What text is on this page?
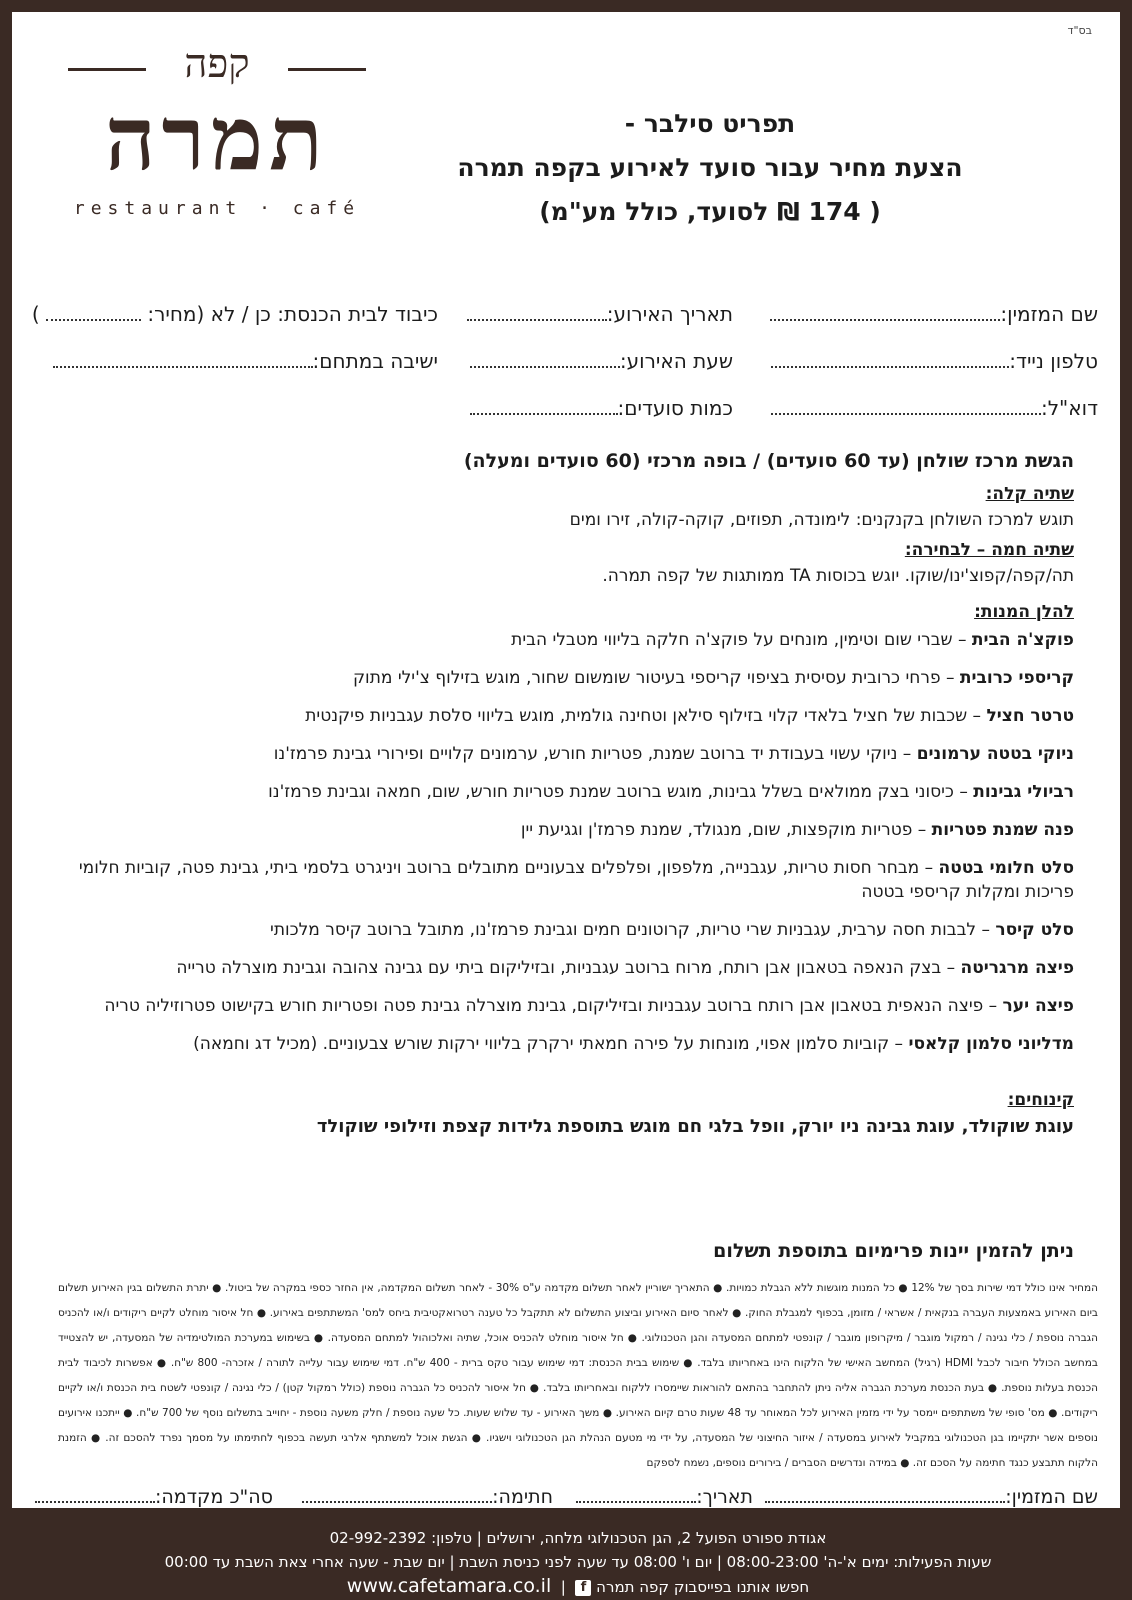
בס"ד
קפה
תמרה
restaurant · café
תפריט סילבר -
הצעת מחיר עבור סועד לאירוע בקפה תמרה
( 174 ₪ לסועד, כולל מע"מ)
שם המזמין:
תאריך האירוע:
כיבוד לבית הכנסת: כן / לא (מחיר:  )
טלפון נייד:
שעת האירוע:
ישיבה במתחם:
דוא"ל:
כמות סועדים:
הגשת מרכז שולחן (עד 60 סועדים) / בופה מרכזי (60 סועדים ומעלה)
שתיה קלה:
תוגש למרכז השולחן בקנקנים: לימונדה, תפוזים, קוקה-קולה, זירו ומים
שתיה חמה – לבחירה:
תה/קפה/קפוצ'ינו/שוקו. יוגש בכוסות TA ממותגות של קפה תמרה.
להלן המנות:
פוקצ'ה הבית – שברי שום וטימין, מונחים על פוקצ'ה חלקה בליווי מטבלי הבית
קריספי כרובית – פרחי כרובית עסיסית בציפוי קריספי בעיטור שומשום שחור, מוגש בזילוף צ'ילי מתוק
טרטר חציל – שכבות של חציל בלאדי קלוי בזילוף סילאן וטחינה גולמית, מוגש בליווי סלסת עגבניות פיקנטית
ניוקי בטטה ערמונים – ניוקי עשוי בעבודת יד ברוטב שמנת, פטריות חורש, ערמונים קלויים ופירורי גבינת פרמז'נו
רביולי גבינות – כיסוני בצק ממולאים בשלל גבינות, מוגש ברוטב שמנת פטריות חורש, שום, חמאה וגבינת פרמז'נו
פנה שמנת פטריות – פטריות מוקפצות, שום, מנגולד, שמנת פרמז'ן וגגיעת יין
סלט חלומי בטטה – מבחר חסות טריות, עגבנייה, מלפפון, ופלפלים צבעוניים מתובלים ברוטב ויניגרט בלסמי ביתי, גבינת פטה, קוביות חלומי פריכות ומקלות קריספי בטטה
סלט קיסר – לבבות חסה ערבית, עגבניות שרי טריות, קרוטונים חמים וגבינת פרמז'נו, מתובל ברוטב קיסר מלכותי
פיצה מרגריטה – בצק הנאפה בטאבון אבן רותח, מרוח ברוטב עגבניות, ובזיליקום ביתי עם גבינה צהובה וגבינת מוצרלה טרייה
פיצה יער – פיצה הנאפית בטאבון אבן רותח ברוטב עגבניות ובזיליקום, גבינת מוצרלה גבינת פטה ופטריות חורש בקישוט פטרוזיליה טריה
מדליוני סלמון קלאסי – קוביות סלמון אפוי, מונחות על פירה חמאתי ירקרק בליווי ירקות שורש צבעוניים. (מכיל דג וחמאה)
קינוחים:
עוגת שוקולד, עוגת גבינה ניו יורק, וופל בלגי חם מוגש בתוספת גלידות קצפת וזילופי שוקולד
ניתן להזמין יינות פרימיום בתוספת תשלום
המחיר אינו כולל דמי שירות בסך של 12% ● כל המנות מוגשות ללא הגבלת כמויות. ● התאריך ישוריין לאחר תשלום מקדמה ע"ס 30% - לאחר תשלום המקדמה, אין החזר כספי במקרה של ביטול. ● יתרת התשלום בגין האירוע תשלום ביום האירוע באמצעות העברה בנקאית / אשראי / מזומן, בכפוף למגבלת החוק. ● לאחר סיום האירוע וביצוע התשלום לא תתקבל כל טענה רטרואקטיבית ביחס למס' המשתתפים באירוע. ● חל איסור מוחלט לקיים ריקודים ו/או להכניס הגברה נוספת / כלי נגינה / רמקול מוגבר / מיקרופון מוגבר / קונפטי למתחם המסעדה והגן הטכנולוגי. ● חל איסור מוחלט להכניס אוכל, שתיה ואלכוהול למתחם המסעדה. ● בשימוש במערכת המולטימדיה של המסעדה, יש להצטייד במחשב הכולל חיבור לכבל HDMI (רגיל) המחשב האישי של הלקוח הינו באחריותו בלבד. ● שימוש בבית הכנסת: דמי שימוש עבור טקס ברית - 400 ש"ח. דמי שימוש עבור עלייה לתורה / אזכרה- 800 ש"ח. ● אפשרות לכיבוד לבית הכנסת בעלות נוספת. ● בעת הכנסת מערכת הגברה אליה ניתן להתחבר בהתאם להוראות שיימסרו ללקוח ובאחריותו בלבד. ● חל איסור להכניס כל הגברה נוספת (כולל רמקול קטן) / כלי נגינה / קונפטי לשטח בית הכנסת ו/או לקיים ריקודים. ● מס' סופי של משתתפים יימסר על ידי מזמין האירוע לכל המאוחר עד 48 שעות טרם קיום האירוע. ● משך האירוע - עד שלוש שעות. כל שעה נוספת / חלק משעה נוספת - יחוייב בתשלום נוסף של 700 ש"ח. ● ייתכנו אירועים נוספים אשר יתקיימו בגן הטכנולוגי במקביל לאירוע במסעדה / איזור החיצוני של המסעדה, על ידי מי מטעם הנהלת הגן הטכנולוגי וישגיו. ● הגשת אוכל למשתתף אלרגי תעשה בכפוף לחתימתו על מסמך נפרד להסכם זה. ● הזמנת הלקוח תתבצע כנגד חתימה על הסכם זה. ● במידה ונדרשים הסברים / בירורים נוספים, נשמח לספקם
שם המזמין:
תאריך:
חתימה:
סה"כ מקדמה:
אגודת ספורט הפועל 2, הגן הטכנולוגי מלחה, ירושלים | טלפון: 02-992-2392
שעות הפעילות: ימים א'-ה' 08:00-23:00 | יום ו' 08:00 עד שעה לפני כניסת השבת | יום שבת - שעה אחרי צאת השבת עד 00:00
חפשו אותנו בפייסבוק קפה תמרה f  |  www.cafetamara.co.il
